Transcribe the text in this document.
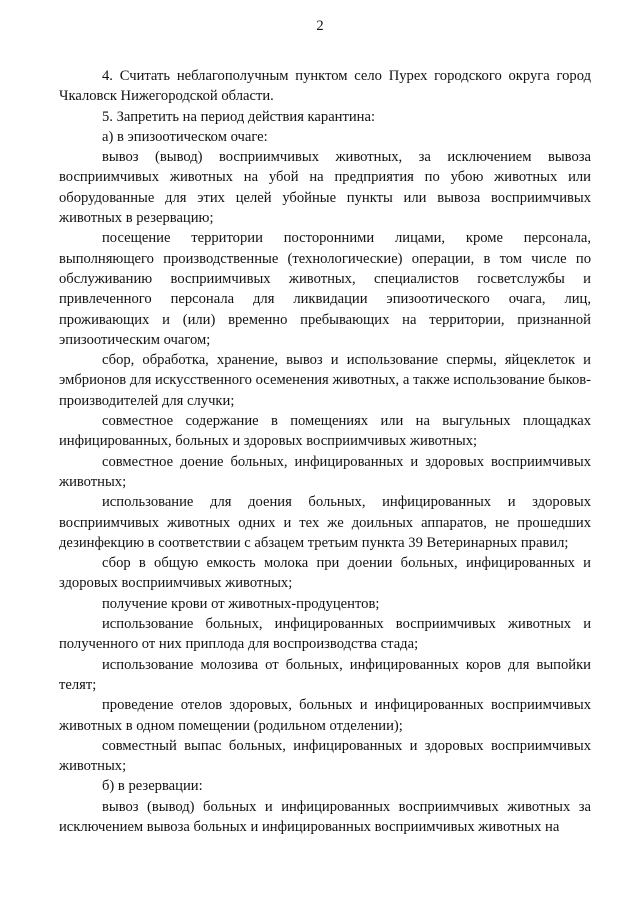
2

4. Считать неблагополучным пунктом село Пурех городского округа город Чкаловск Нижегородской области.

5. Запретить на период действия карантина:

а) в эпизоотическом очаге:

вывоз (вывод) восприимчивых животных, за исключением вывоза восприимчивых животных на убой на предприятия по убою животных или оборудованные для этих целей убойные пункты или вывоза восприимчивых животных в резервацию;

посещение территории посторонними лицами, кроме персонала, выполняющего производственные (технологические) операции, в том числе по обслуживанию восприимчивых животных, специалистов госветслужбы и привлеченного персонала для ликвидации эпизоотического очага, лиц, проживающих и (или) временно пребывающих на территории, признанной эпизоотическим очагом;

сбор, обработка, хранение, вывоз и использование спермы, яйцеклеток и эмбрионов для искусственного осеменения животных, а также использование быков-производителей для случки;

совместное содержание в помещениях или на выгульных площадках инфицированных, больных и здоровых восприимчивых животных;

совместное доение больных, инфицированных и здоровых восприимчивых животных;

использование для доения больных, инфицированных и здоровых восприимчивых животных одних и тех же доильных аппаратов, не прошедших дезинфекцию в соответствии с абзацем третьим пункта 39 Ветеринарных правил;

сбор в общую емкость молока при доении больных, инфицированных и здоровых восприимчивых животных;

получение крови от животных-продуцентов;

использование больных, инфицированных восприимчивых животных и полученного от них приплода для воспроизводства стада;

использование молозива от больных, инфицированных коров для выпойки телят;

проведение отелов здоровых, больных и инфицированных восприимчивых животных в одном помещении (родильном отделении);

совместный выпас больных, инфицированных и здоровых восприимчивых животных;

б) в резервации:

вывоз (вывод) больных и инфицированных восприимчивых животных за исключением вывоза больных и инфицированных восприимчивых животных на
